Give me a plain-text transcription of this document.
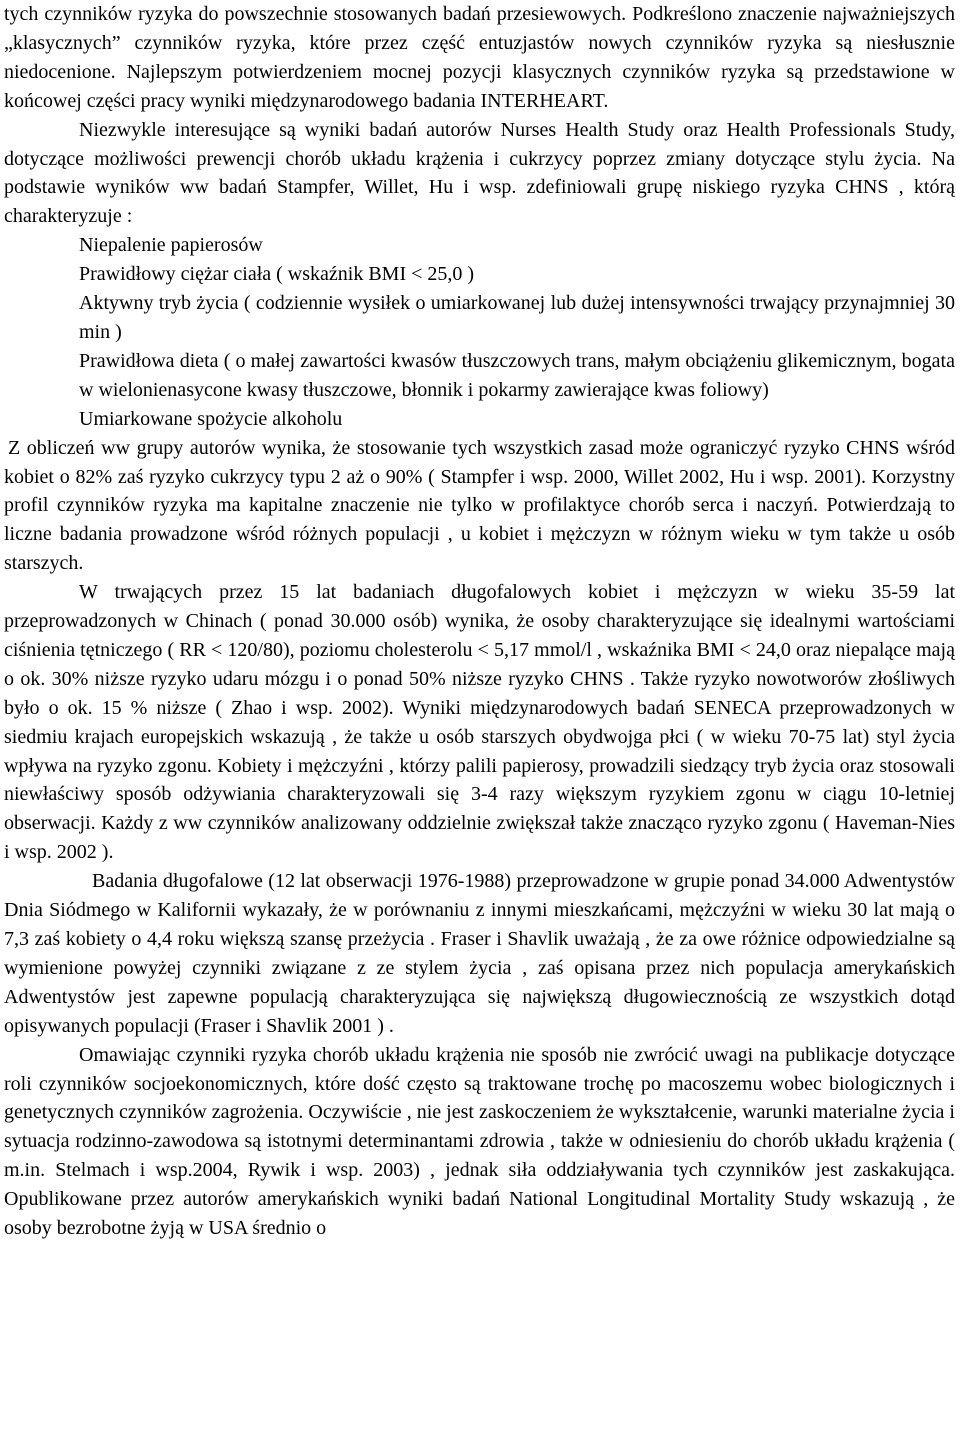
tych czynników ryzyka do powszechnie stosowanych badań przesiewowych. Podkreślono znaczenie najważniejszych „klasycznych” czynników ryzyka, które przez część entuzjastów nowych czynników ryzyka są niesłusznie niedocenione. Najlepszym potwierdzeniem mocnej pozycji klasycznych czynników ryzyka są przedstawione w końcowej części pracy wyniki międzynarodowego badania INTERHEART.

Niezwykle interesujące są wyniki badań autorów Nurses Health Study oraz Health Professionals Study, dotyczące możliwości prewencji chorób układu krążenia i cukrzycy poprzez zmiany dotyczące stylu życia. Na podstawie wyników ww badań Stampfer, Willet, Hu i wsp. zdefiniowali grupę niskiego ryzyka CHNS , którą charakteryzuje :

Niepalenie papierosów

Prawidłowy ciężar ciała ( wskaźnik BMI < 25,0 )

Aktywny tryb życia ( codziennie wysiłek o umiarkowanej lub dużej intensywności trwający przynajmniej 30 min )

Prawidłowa dieta ( o małej zawartości kwasów tłuszczowych trans, małym obciążeniu glikemicznym, bogata w wielonienasycone kwasy tłuszczowe, błonnik i pokarmy zawierające kwas foliowy)

Umiarkowane spożycie alkoholu

Z obliczeń ww grupy autorów wynika, że stosowanie tych wszystkich zasad może ograniczyć ryzyko CHNS wśród kobiet o 82% zaś ryzyko cukrzycy typu 2 aż o 90% ( Stampfer i wsp. 2000, Willet 2002, Hu i wsp. 2001). Korzystny profil czynników ryzyka ma kapitalne znaczenie nie tylko w profilaktyce chorób serca i naczyń. Potwierdzają to liczne badania prowadzone wśród różnych populacji , u kobiet i mężczyzn w różnym wieku w tym także u osób starszych.

W trwających przez 15 lat badaniach długofalowych kobiet i mężczyzn w wieku 35-59 lat przeprowadzonych w Chinach ( ponad 30.000 osób) wynika, że osoby charakteryzujące się idealnymi wartościami ciśnienia tętniczego ( RR < 120/80), poziomu cholesterolu < 5,17 mmol/l , wskaźnika BMI < 24,0 oraz niepalące mają o ok. 30% niższe ryzyko udaru mózgu i o ponad 50% niższe ryzyko CHNS . Także ryzyko nowotworów złośliwych było o ok. 15 % niższe ( Zhao i wsp. 2002). Wyniki międzynarodowych badań SENECA przeprowadzonych w siedmiu krajach europejskich wskazują , że także u osób starszych obydwojga płci ( w wieku 70-75 lat) styl życia wpływa na ryzyko zgonu. Kobiety i mężczyźni , którzy palili papierosy, prowadzili siedzący tryb życia oraz stosowali niewłaściwy sposób odżywiania charakteryzowali się 3-4 razy większym ryzykiem zgonu w ciągu 10-letniej obserwacji. Każdy z ww czynników analizowany oddzielnie zwiększał także znacząco ryzyko zgonu ( Haveman-Nies i wsp. 2002 ).

Badania długofalowe (12 lat obserwacji 1976-1988) przeprowadzone w grupie ponad 34.000 Adwentystów Dnia Siódmego w Kalifornii wykazały, że w porównaniu z innymi mieszkańcami, mężczyźni w wieku 30 lat mają o 7,3 zaś kobiety o 4,4 roku większą szansę przeżycia . Fraser i Shavlik uważają , że za owe różnice odpowiedzialne są wymienione powyżej czynniki związane z ze stylem życia , zaś opisana przez nich populacja amerykańskich Adwentystów jest zapewne populacją charakteryzująca się największą długowiecznością ze wszystkich dotąd opisywanych populacji (Fraser i Shavlik 2001 ) .

Omawiając czynniki ryzyka chorób układu krążenia nie sposób nie zwrócić uwagi na publikacje dotyczące roli czynników socjoekonomicznych, które dość często są traktowane trochę po macoszemu wobec biologicznych i genetycznych czynników zagrożenia. Oczywiście , nie jest zaskoczeniem że wykształcenie, warunki materialne życia i sytuacja rodzinno-zawodowa są istotnymi determinantami zdrowia , także w odniesieniu do chorób układu krążenia ( m.in. Stelmach i wsp.2004, Rywik i wsp. 2003) , jednak siła oddziaływania tych czynników jest zaskakująca. Opublikowane przez autorów amerykańskich wyniki badań National Longitudinal Mortality Study wskazują , że osoby bezrobotne żyją w USA średnio o
